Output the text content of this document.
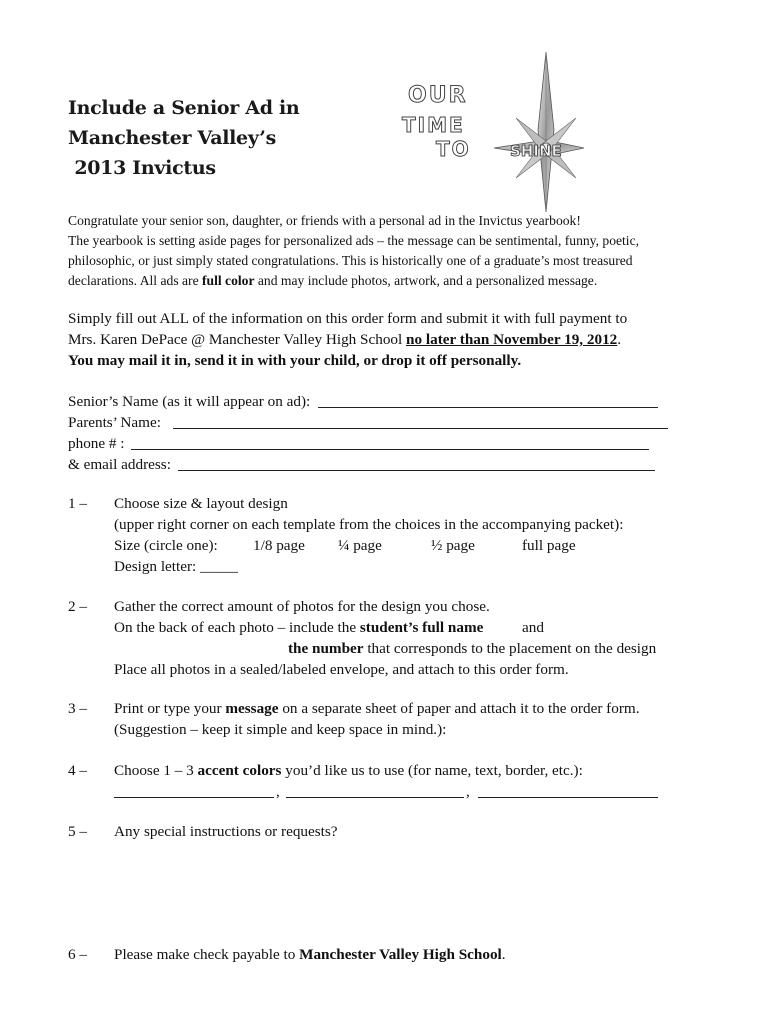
Include a Senior Ad in
Manchester Valley’s
2013 Invictus
OUR
TIME
TO	SHINE
Congratulate your senior son, daughter, or friends with a personal ad in the Invictus yearbook!
The yearbook is setting aside pages for personalized ads – the message can be sentimental, funny, poetic,
philosophic, or just simply stated congratulations. This is historically one of a graduate’s most treasured
declarations. All ads are full color and may include photos, artwork, and a personalized message.
Simply fill out ALL of the information on this order form and submit it with full payment to
Mrs. Karen DePace @ Manchester Valley High School no later than November 19, 2012.
You may mail it in, send it in with your child, or drop it off personally.
Senior’s Name (as it will appear on ad):
Parents’ Name:
phone # :
& email address:
1 – Choose size & layout design
(upper right corner on each template from the choices in the accompanying packet):
Size (circle one): 1/8 page ¼ page	½ page	full page
Design letter: _____
2 – Gather the correct amount of photos for the design you chose.
On the back of each photo – include the student’s full name	and
the number that corresponds to the placement on the design
Place all photos in a sealed/labeled envelope, and attach to this order form.
3 – Print or type your message on a separate sheet of paper and attach it to the order form.
(Suggestion – keep it simple and keep space in mind.):
4 – Choose 1 – 3 accent colors you’d like us to use (for name, text, border, etc.):
,	,
5 – Any special instructions or requests?
6 – Please make check payable to Manchester Valley High School.
